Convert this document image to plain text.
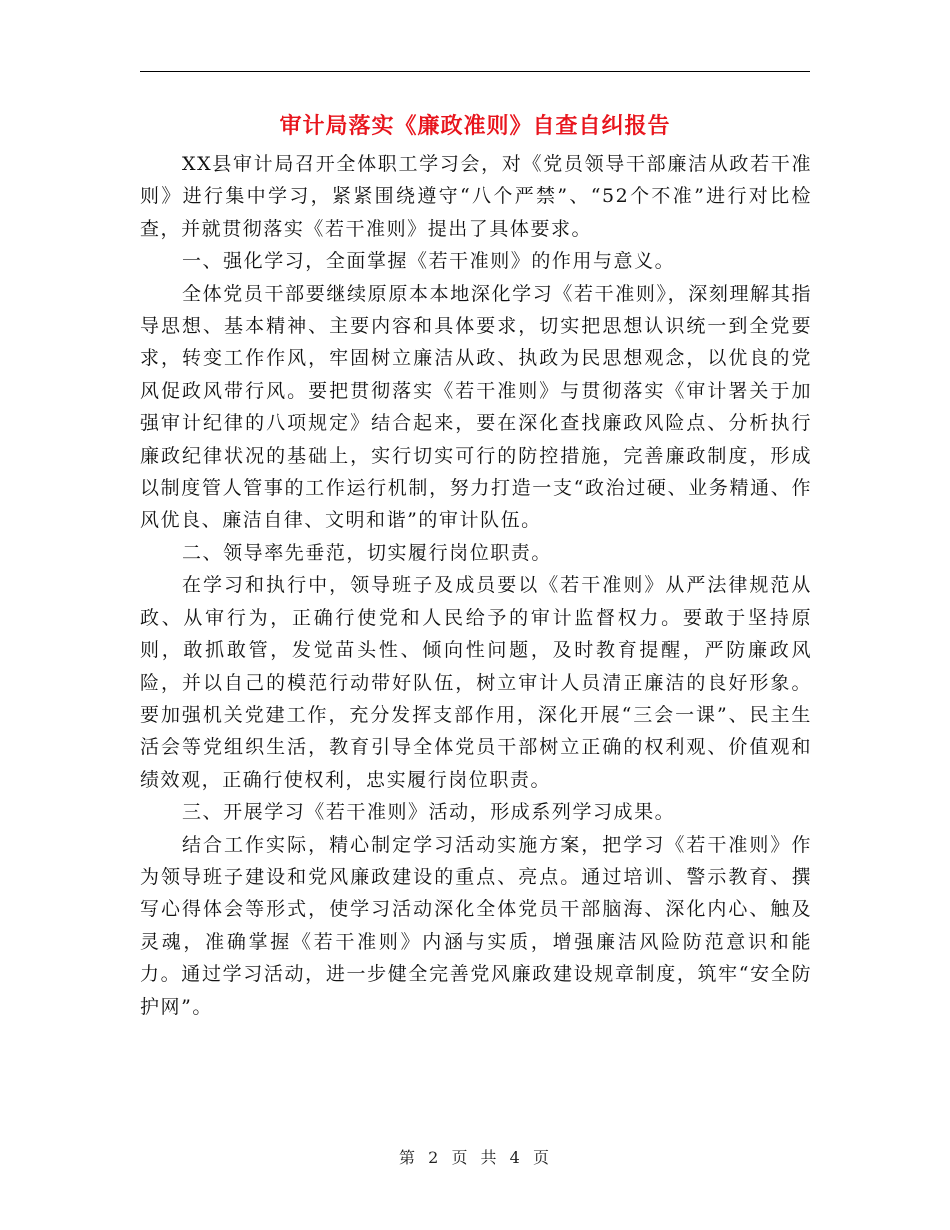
审计局落实《廉政准则》自查自纠报告

XX县审计局召开全体职工学习会，对《党员领导干部廉洁从政若干准则》进行集中学习，紧紧围绕遵守“八个严禁”、“52个不准”进行对比检查，并就贯彻落实《若干准则》提出了具体要求。

一、强化学习，全面掌握《若干准则》的作用与意义。

全体党员干部要继续原原本本地深化学习《若干准则》，深刻理解其指导思想、基本精神、主要内容和具体要求，切实把思想认识统一到全党要求，转变工作作风，牢固树立廉洁从政、执政为民思想观念，以优良的党风促政风带行风。要把贯彻落实《若干准则》与贯彻落实《审计署关于加强审计纪律的八项规定》结合起来，要在深化查找廉政风险点、分析执行廉政纪律状况的基础上，实行切实可行的防控措施，完善廉政制度，形成以制度管人管事的工作运行机制，努力打造一支“政治过硬、业务精通、作风优良、廉洁自律、文明和谐”的审计队伍。

二、领导率先垂范，切实履行岗位职责。

在学习和执行中，领导班子及成员要以《若干准则》从严法律规范从政、从审行为，正确行使党和人民给予的审计监督权力。要敢于坚持原则，敢抓敢管，发觉苗头性、倾向性问题，及时教育提醒，严防廉政风险，并以自己的模范行动带好队伍，树立审计人员清正廉洁的良好形象。要加强机关党建工作，充分发挥支部作用，深化开展“三会一课”、民主生活会等党组织生活，教育引导全体党员干部树立正确的权利观、价值观和绩效观，正确行使权利，忠实履行岗位职责。

三、开展学习《若干准则》活动，形成系列学习成果。

结合工作实际，精心制定学习活动实施方案，把学习《若干准则》作为领导班子建设和党风廉政建设的重点、亮点。通过培训、警示教育、撰写心得体会等形式，使学习活动深化全体党员干部脑海、深化内心、触及灵魂，准确掌握《若干准则》内涵与实质，增强廉洁风险防范意识和能力。通过学习活动，进一步健全完善党风廉政建设规章制度，筑牢“安全防护网”。

第 2 页 共 4 页
